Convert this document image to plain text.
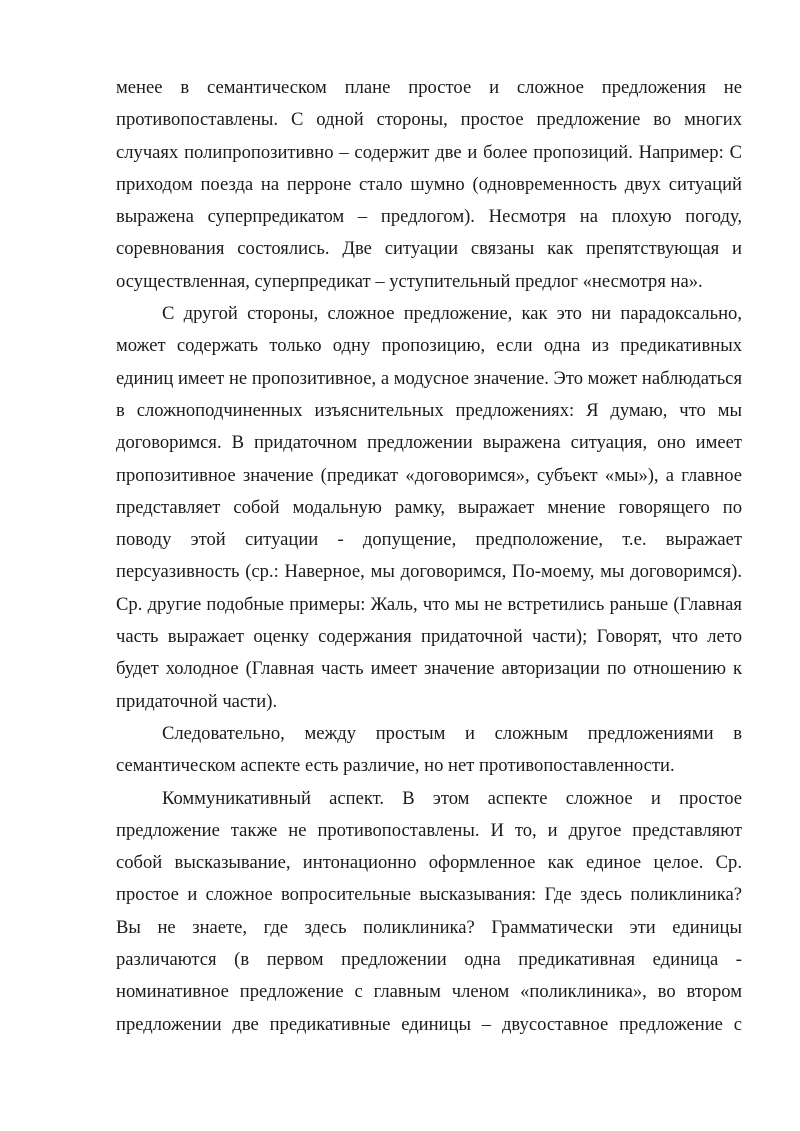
менее в семантическом плане простое и сложное предложения не противопоставлены. С одной стороны, простое предложение во многих случаях полипропозитивно – содержит две и более пропозиций. Например: С приходом поезда на перроне стало шумно (одновременность двух ситуаций выражена суперпредикатом – предлогом). Несмотря на плохую погоду, соревнования состоялись. Две ситуации связаны как препятствующая и осуществленная, суперпредикат – уступительный предлог «несмотря на».

С другой стороны, сложное предложение, как это ни парадоксально, может содержать только одну пропозицию, если одна из предикативных единиц имеет не пропозитивное, а модусное значение. Это может наблюдаться в сложноподчиненных изъяснительных предложениях: Я думаю, что мы договоримся. В придаточном предложении выражена ситуация, оно имеет пропозитивное значение (предикат «договоримся», субъект «мы»), а главное представляет собой модальную рамку, выражает мнение говорящего по поводу этой ситуации - допущение, предположение, т.е. выражает персуазивность (ср.: Наверное, мы договоримся, По-моему, мы договоримся). Ср. другие подобные примеры: Жаль, что мы не встретились раньше (Главная часть выражает оценку содержания придаточной части); Говорят, что лето будет холодное (Главная часть имеет значение авторизации по отношению к придаточной части).

Следовательно, между простым и сложным предложениями в семантическом аспекте есть различие, но нет противопоставленности.

Коммуникативный аспект. В этом аспекте сложное и простое предложение также не противопоставлены. И то, и другое представляют собой высказывание, интонационно оформленное как единое целое. Ср. простое и сложное вопросительные высказывания: Где здесь поликлиника? Вы не знаете, где здесь поликлиника? Грамматически эти единицы различаются (в первом предложении одна предикативная единица - номинативное предложение с главным членом «поликлиника», во втором предложении две предикативные единицы – двусоставное предложение с
